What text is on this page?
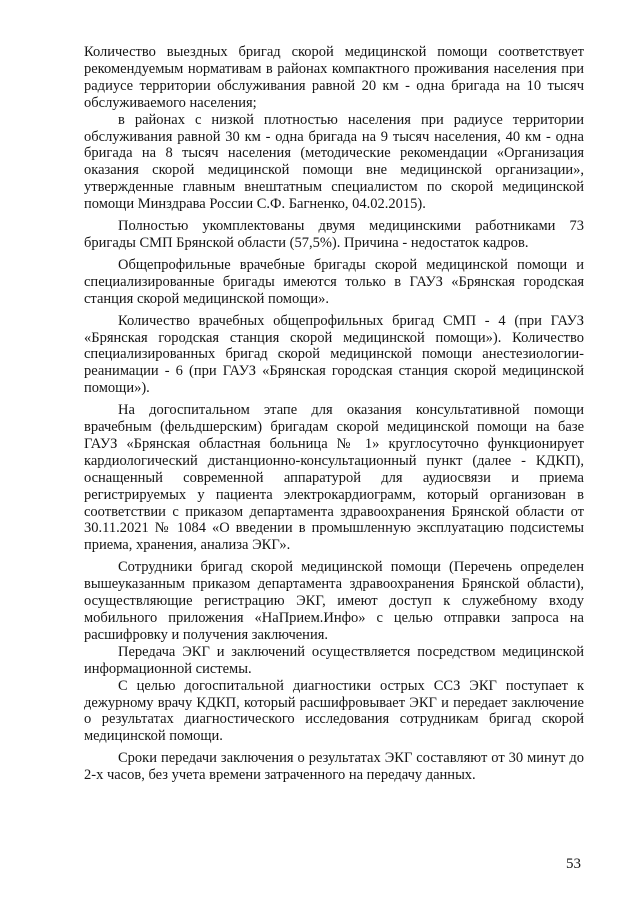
Количество выездных бригад скорой медицинской помощи соответствует рекомендуемым нормативам в районах компактного проживания населения при радиусе территории обслуживания равной 20 км - одна бригада на 10 тысяч обслуживаемого населения;

в районах с низкой плотностью населения при радиусе территории обслуживания равной 30 км - одна бригада на 9 тысяч населения, 40 км - одна бригада на 8 тысяч населения (методические рекомендации «Организация оказания скорой медицинской помощи вне медицинской организации», утвержденные главным внештатным специалистом по скорой медицинской помощи Минздрава России С.Ф. Багненко, 04.02.2015).

Полностью укомплектованы двумя медицинскими работниками 73 бригады СМП Брянской области (57,5%). Причина - недостаток кадров.

Общепрофильные врачебные бригады скорой медицинской помощи и специализированные бригады имеются только в ГАУЗ «Брянская городская станция скорой медицинской помощи».

Количество врачебных общепрофильных бригад СМП - 4 (при ГАУЗ «Брянская городская станция скорой медицинской помощи»). Количество специализированных бригад скорой медицинской помощи анестезиологии-реанимации - 6 (при ГАУЗ «Брянская городская станция скорой медицинской помощи»).

На догоспитальном этапе для оказания консультативной помощи врачебным (фельдшерским) бригадам скорой медицинской помощи на базе ГАУЗ «Брянская областная больница № 1» круглосуточно функционирует кардиологический дистанционно-консультационный пункт (далее - КДКП), оснащенный современной аппаратурой для аудиосвязи и приема регистрируемых у пациента электрокардиограмм, который организован в соответствии с приказом департамента здравоохранения Брянской области от 30.11.2021 № 1084 «О введении в промышленную эксплуатацию подсистемы приема, хранения, анализа ЭКГ».

Сотрудники бригад скорой медицинской помощи (Перечень определен вышеуказанным приказом департамента здравоохранения Брянской области), осуществляющие регистрацию ЭКГ, имеют доступ к служебному входу мобильного приложения «НаПрием.Инфо» с целью отправки запроса на расшифровку и получения заключения.

Передача ЭКГ и заключений осуществляется посредством медицинской информационной системы.

С целью догоспитальной диагностики острых ССЗ ЭКГ поступает к дежурному врачу КДКП, который расшифровывает ЭКГ и передает заключение о результатах диагностического исследования сотрудникам бригад скорой медицинской помощи.

Сроки передачи заключения о результатах ЭКГ составляют от 30 минут до 2-х часов, без учета времени затраченного на передачу данных.

53
